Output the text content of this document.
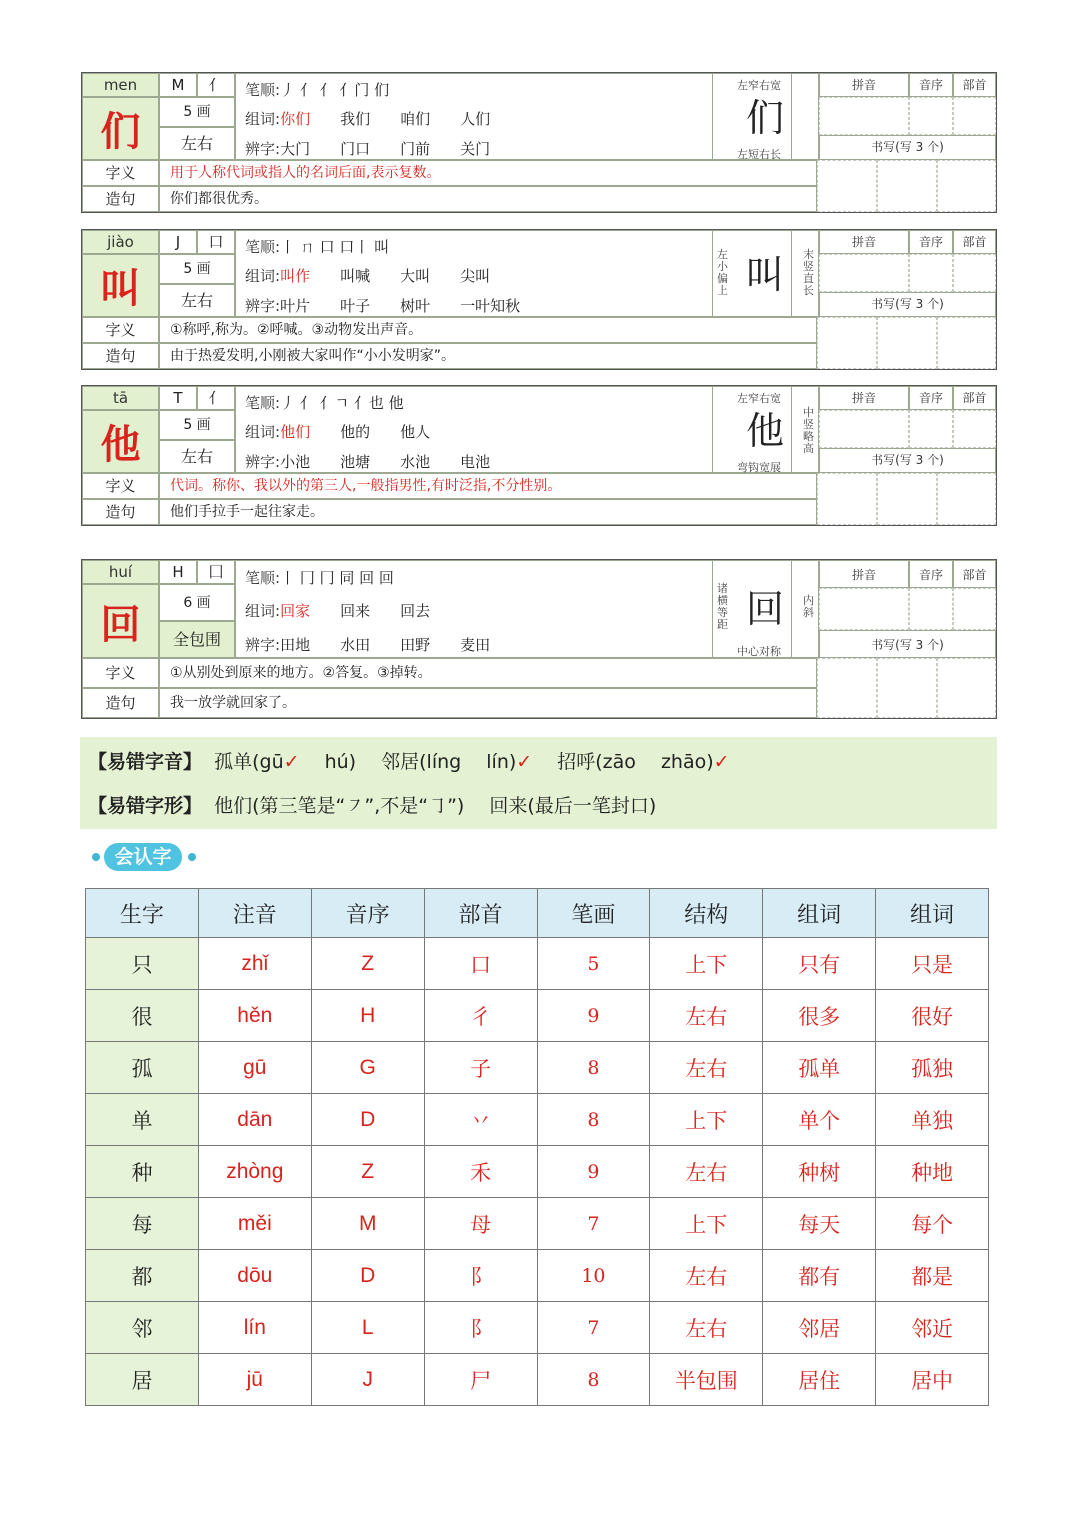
men
们
M	亻
5 画
左右
笔顺:丿 亻 亻 亻门 们
组词:你们   我们   咱们   人们
辨字:大门   门口   门前   关门
左窄右宽
们
左短右长
拼音	音序	部首
书写(写 3 个)
字义	用于人称代词或指人的名词后面,表示复数。
造句	你们都很优秀。
jiào
叫
J	口
5 画
左右
笔顺:丨 ㄇ 口 口丨 叫
组词:叫作   叫喊   大叫   尖叫
辨字:叶片   叶子   树叶   一叶知秋
左小偏上 叫	末竖直长
拼音	音序	部首
书写(写 3 个)
字义	①称呼,称为。②呼喊。③动物发出声音。
造句	由于热爱发明,小刚被大家叫作“小小发明家”。
tā
他
T	亻
5 画
左右
笔顺:丿 亻 亻ㄱ 亻也 他
组词:他们   他的   他人
辨字:小池   池塘   水池   电池
左窄右宽
他	中竖略高
弯钩宽展
拼音	音序	部首
书写(写 3 个)
字义	代词。称你、我以外的第三人,一般指男性,有时泛指,不分性别。
造句	他们手拉手一起往家走。
huí
回
H	囗
6 画
全包围
笔顺:丨 冂 冂 同 回 回
组词:回家   回来   回去
辨字:田地   水田   田野   麦田
诸横等距 回	内斜
中心对称
拼音	音序	部首
书写(写 3 个)
字义	①从别处到原来的地方。②答复。③掉转。
造句	我一放学就回家了。
【易错字音】 孤单(gū✓   hú)   邻居(líng   lín)✓   招呼(zāo   zhāo)✓
【易错字形】 他们(第三笔是“㇇”,不是“㇆”)   回来(最后一笔封口)
会认字
生字	注音	音序	部首	笔画	结构	组词	组词
只	zhǐ	Z	口	5	上下	只有	只是
很	hěn	H	彳	9	左右	很多	很好
孤	gū	G	子	8	左右	孤单	孤独
单	dān	D	丷	8	上下	单个	单独
种	zhòng	Z	禾	9	左右	种树	种地
每	měi	M	母	7	上下	每天	每个
都	dōu	D	阝	10	左右	都有	都是
邻	lín	L	阝	7	左右	邻居	邻近
居	jū	J	尸	8	半包围	居住	居中
